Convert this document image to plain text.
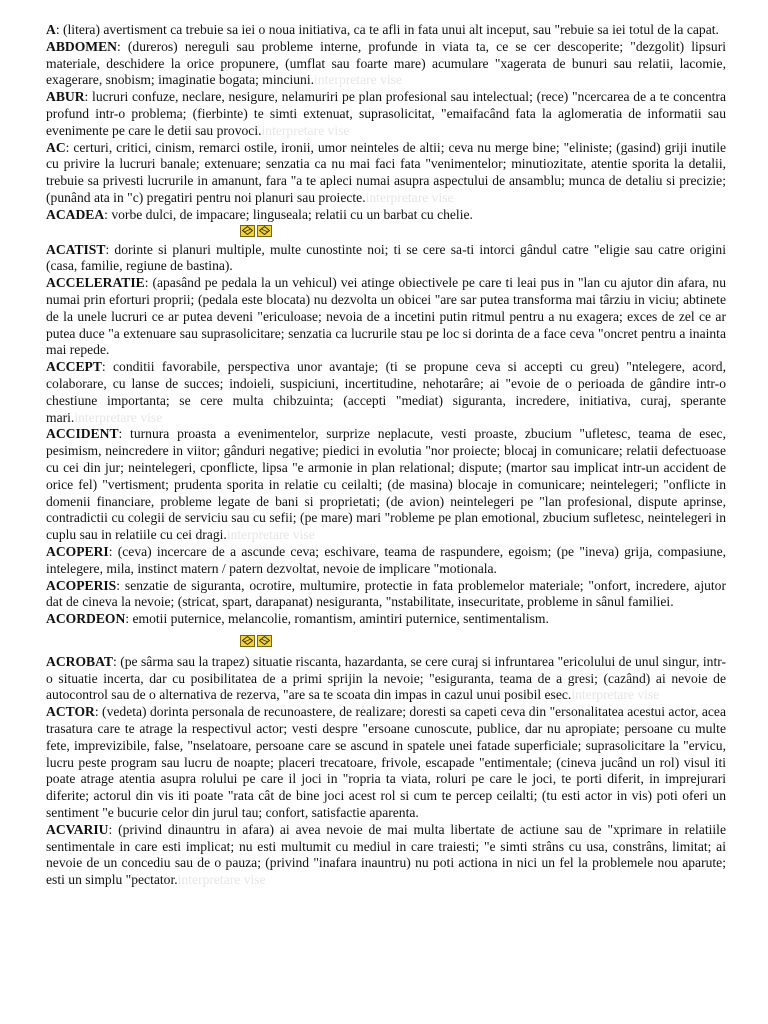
A: (litera) avertisment ca trebuie sa iei o noua initiativa, ca te afli in fata unui alt inceput, sau "rebuie sa iei totul de la capat.

ABDOMEN: (dureros) nereguli sau probleme interne, profunde in viata ta, ce se cer descoperite; "dezgolit) lipsuri materiale, deschidere la orice propunere, (umflat sau foarte mare) acumulare "xagerata de bunuri sau relatii, lacomie, exagerare, snobism; imaginatie bogata; minciuni.interpretare vise

ABUR: lucruri confuze, neclare, nesigure, nelamuriri pe plan profesional sau intelectual; (rece) "ncercarea de a te concentra profund intr-o problema; (fierbinte) te simti extenuat, suprasolicitat, "emaifacând fata la aglomeratia de informatii sau evenimente pe care le detii sau provoci.interpretare vise

AC: certuri, critici, cinism, remarci ostile, ironii, umor neinteles de altii; ceva nu merge bine; "eliniste; (gasind) griji inutile cu privire la lucruri banale; extenuare; senzatia ca nu mai faci fata "venimentelor; minutiozitate, atentie sporita la detalii, trebuie sa privesti lucrurile in amanunt, fara "a te apleci numai asupra aspectului de ansamblu; munca de detaliu si precizie; (punând ata in "c) pregatiri pentru noi planuri sau proiecte.interpretare vise

ACADEA: vorbe dulci, de impacare; linguseala; relatii cu un barbat cu chelie.

ACATIST: dorinte si planuri multiple, multe cunostinte noi; ti se cere sa-ti intorci gândul catre "eligie sau catre origini (casa, familie, regiune de bastina).

ACCELERATIE: (apasând pe pedala la un vehicul) vei atinge obiectivele pe care ti leai pus in "lan cu ajutor din afara, nu numai prin eforturi proprii; (pedala este blocata) nu dezvolta un obicei "are sar putea transforma mai târziu in viciu; abtinete de la unele lucruri ce ar putea deveni "ericuloase; nevoia de a incetini putin ritmul pentru a nu exagera; exces de zel ce ar putea duce "a extenuare sau suprasolicitare; senzatia ca lucrurile stau pe loc si dorinta de a face ceva "oncret pentru a inainta mai repede.

ACCEPT: conditii favorabile, perspectiva unor avantaje; (ti se propune ceva si accepti cu greu) "ntelegere, acord, colaborare, cu lanse de succes; indoieli, suspiciuni, incertitudine, nehotarâre; ai "evoie de o perioada de gândire intr-o chestiune importanta; se cere multa chibzuinta; (accepti "mediat) siguranta, incredere, initiativa, curaj, sperante mari.interpretare vise

ACCIDENT: turnura proasta a evenimentelor, surprize neplacute, vesti proaste, zbucium "ufletesc, teama de esec, pesimism, neincredere in viitor; gânduri negative; piedici in evolutia "nor proiecte; blocaj in comunicare; relatii defectuoase cu cei din jur; neintelegeri, cponflicte, lipsa "e armonie in plan relational; dispute; (martor sau implicat intr-un accident de orice fel) "vertisment; prudenta sporita in relatie cu ceilalti; (de masina) blocaje in comunicare; neintelegeri; "onflicte in domenii financiare, probleme legate de bani si proprietati; (de avion) neintelegeri pe "lan profesional, dispute aprinse, contradictii cu colegii de serviciu sau cu sefii; (pe mare) mari "robleme pe plan emotional, zbucium sufletesc, neintelegeri in cuplu sau in relatiile cu cei dragi.interpretare vise

ACOPERI: (ceva) incercare de a ascunde ceva; eschivare, teama de raspundere, egoism; (pe "ineva) grija, compasiune, intelegere, mila, instinct matern / patern dezvoltat, nevoie de implicare "motionala.

ACOPERIS: senzatie de siguranta, ocrotire, multumire, protectie in fata problemelor materiale; "onfort, incredere, ajutor dat de cineva la nevoie; (stricat, spart, darapanat) nesiguranta, "nstabilitate, insecuritate, probleme in sânul familiei.

ACORDEON: emotii puternice, melancolie, romantism, amintiri puternice, sentimentalism.

ACROBAT: (pe sârma sau la trapez) situatie riscanta, hazardanta, se cere curaj si infruntarea "ericolului de unul singur, intr-o situatie incerta, dar cu posibilitatea de a primi sprijin la nevoie; "esiguranta, teama de a gresi; (cazând) ai nevoie de autocontrol sau de o alternativa de rezerva, "are sa te scoata din impas in cazul unui posibil esec.interpretare vise

ACTOR: (vedeta) dorinta personala de recunoastere, de realizare; doresti sa capeti ceva din "ersonalitatea acestui actor, acea trasatura care te atrage la respectivul actor; vesti despre "ersoane cunoscute, publice, dar nu apropiate; persoane cu multe fete, imprevizibile, false, "nselatoare, persoane care se ascund in spatele unei fatade superficiale; suprasolicitare la "ervicu, lucru peste program sau lucru de noapte; placeri trecatoare, frivole, escapade "entimentale; (cineva jucând un rol) visul iti poate atrage atentia asupra rolului pe care il joci in "ropria ta viata, roluri pe care le joci, te porti diferit, in imprejurari diferite; actorul din vis iti poate "rata cât de bine joci acest rol si cum te percep ceilalti; (tu esti actor in vis) poti oferi un sentiment "e bucurie celor din jurul tau; confort, satisfactie aparenta.

ACVARIU: (privind dinauntru in afara) ai avea nevoie de mai multa libertate de actiune sau de "xprimare in relatiile sentimentale in care esti implicat; nu esti multumit cu mediul in care traiesti; "e simti strâns cu usa, constrâns, limitat; ai nevoie de un concediu sau de o pauza; (privind "inafara inauntru) nu poti actiona in nici un fel la problemele nou aparute; esti un simplu "pectator.interpretare vise
